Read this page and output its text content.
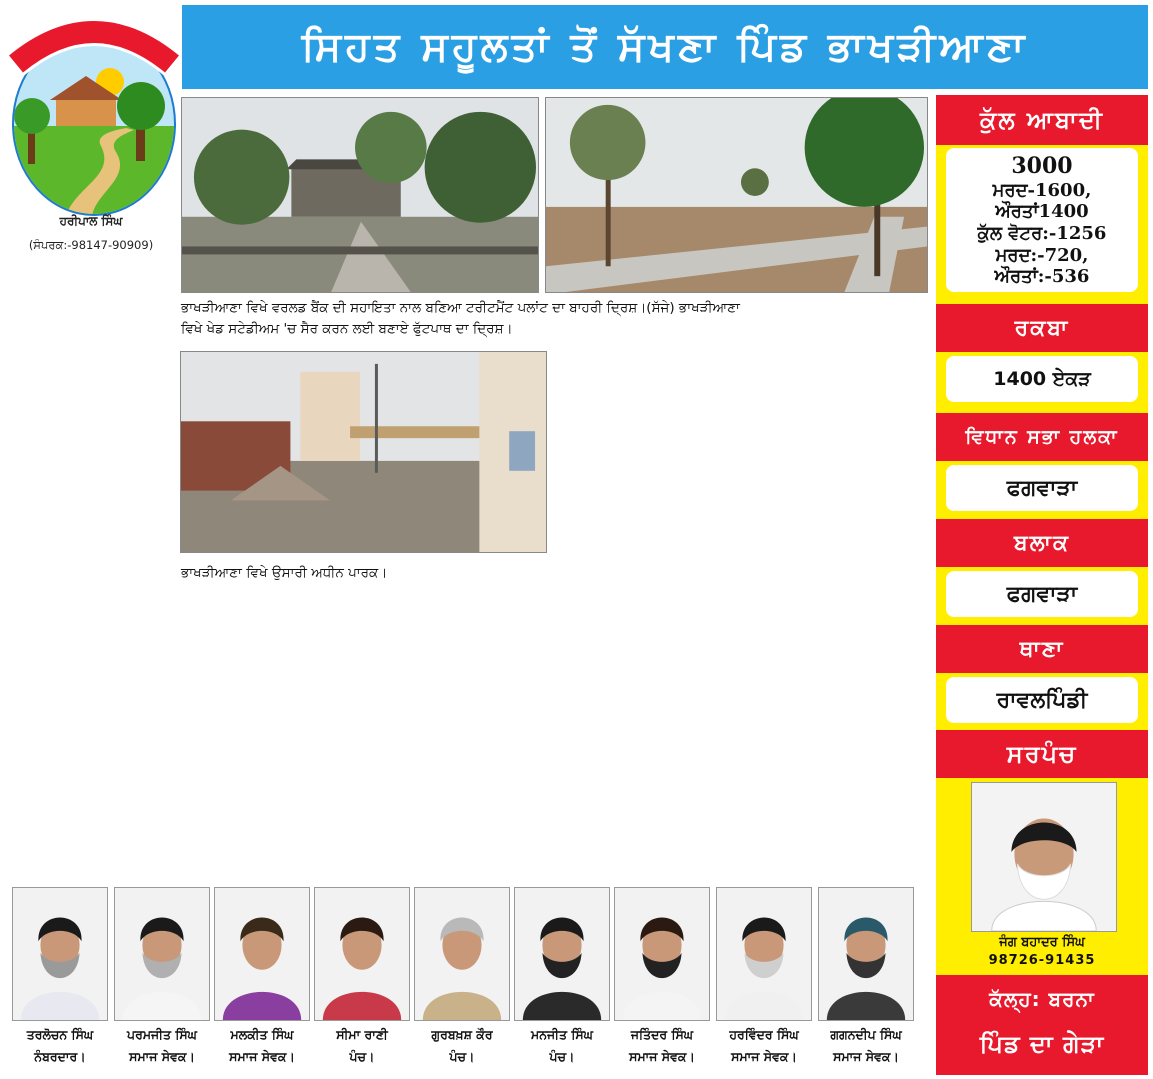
ਹਰੀਪਾਲ ਸਿੰਘ
(ਸੰਪਰਕ:-98147-90909)
ਸਿਹਤ ਸਹੂਲਤਾਂ ਤੋਂ ਸੱਖਣਾ ਪਿੰਡ ਭਾਖੜੀਆਣਾ
ਭਾਖੜੀਆਣਾ ਵਿਖੇ ਵਰਲਡ ਬੈਂਕ ਦੀ ਸਹਾਇਤਾ ਨਾਲ ਬਣਿਆ ਟਰੀਟਮੈਂਟ ਪਲਾਂਟ ਦਾ ਬਾਹਰੀ ਦ੍ਰਿਸ਼।(ਸੱਜੇ) ਭਾਖੜੀਆਣਾ
ਵਿਖੇ ਖੇਡ ਸਟੇਡੀਅਮ 'ਚ ਸੈਰ ਕਰਨ ਲਈ ਬਣਾਏ ਫੁੱਟਪਾਥ ਦਾ ਦ੍ਰਿਸ਼।
ਭਾਖੜੀਆਣਾ ਵਿਖੇ ਉਸਾਰੀ ਅਧੀਨ ਪਾਰਕ।
ਕੁੱਲ ਆਬਾਦੀ
3000
ਮਰਦ-1600, ਔਰਤਾਂ1400
ਕੁੱਲ ਵੋਟਰ:-1256
ਮਰਦ:-720, ਔਰਤਾਂ:-536
ਰਕਬਾ
1400 ਏਕੜ
ਵਿਧਾਨ ਸਭਾ ਹਲਕਾ
ਫਗਵਾੜਾ
ਬਲਾਕ
ਫਗਵਾੜਾ
ਥਾਣਾ
ਰਾਵਲਪਿੰਡੀ
ਸਰਪੰਚ
ਜੰਗ ਬਹਾਦਰ ਸਿੰਘ
98726-91435
ਕੱਲ੍ਹ: ਬਰਨਾ
ਪਿੰਡ ਦਾ ਗੇੜਾ
ਤਰਲੋਚਨ ਸਿੰਘ
ਨੰਬਰਦਾਰ।
ਪਰਮਜੀਤ ਸਿੰਘ
ਸਮਾਜ ਸੇਵਕ।
ਮਲਕੀਤ ਸਿੰਘ
ਸਮਾਜ ਸੇਵਕ।
ਸੀਮਾ ਰਾਣੀ
ਪੰਚ।
ਗੁਰਬਖ਼ਸ਼ ਕੌਰ
ਪੰਚ।
ਮਨਜੀਤ ਸਿੰਘ
ਪੰਚ।
ਜਤਿੰਦਰ ਸਿੰਘ
ਸਮਾਜ ਸੇਵਕ।
ਹਰਵਿੰਦਰ ਸਿੰਘ
ਸਮਾਜ ਸੇਵਕ।
ਗਗਨਦੀਪ ਸਿੰਘ
ਸਮਾਜ ਸੇਵਕ।
